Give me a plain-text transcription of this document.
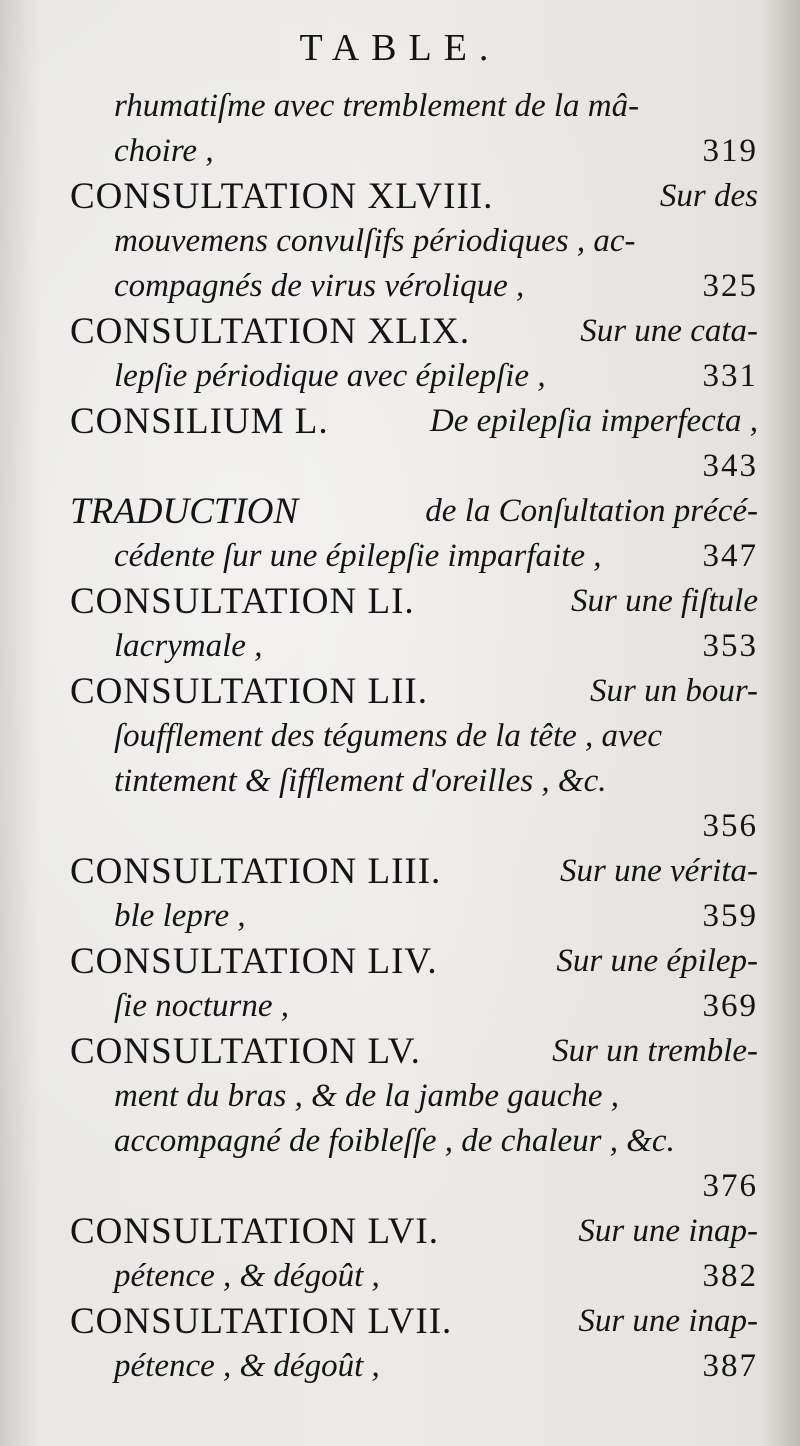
TABLE.
rhumatiſme avec tremblement de la mâ-
choire ,	319
CONSULTATION XLVIII.	Sur des
mouvemens convulſifs périodiques , ac-
compagnés de virus vérolique ,	325
CONSULTATION XLIX.	Sur une cata-
lepſie périodique avec épilepſie ,	331
CONSILIUM L.	De epilepſia imperfecta ,
343
TRADUCTION	de la Conſultation précé-
cédente ſur une épilepſie imparfaite ,	347
CONSULTATION LI.	Sur une fiſtule
lacrymale ,	353
CONSULTATION LII.	Sur un bour-
ſoufflement des tégumens de la tête , avec
tintement & ſifflement d'oreilles , &c.
356
CONSULTATION LIII.	Sur une vérita-
ble lepre ,	359
CONSULTATION LIV.	Sur une épilep-
ſie nocturne ,	369
CONSULTATION LV.	Sur un tremble-
ment du bras , & de la jambe gauche ,
accompagné de foibleſſe , de chaleur , &c.
376
CONSULTATION LVI.	Sur une inap-
pétence , & dégoût ,	382
CONSULTATION LVII.	Sur une inap-
pétence , & dégoût ,	387
